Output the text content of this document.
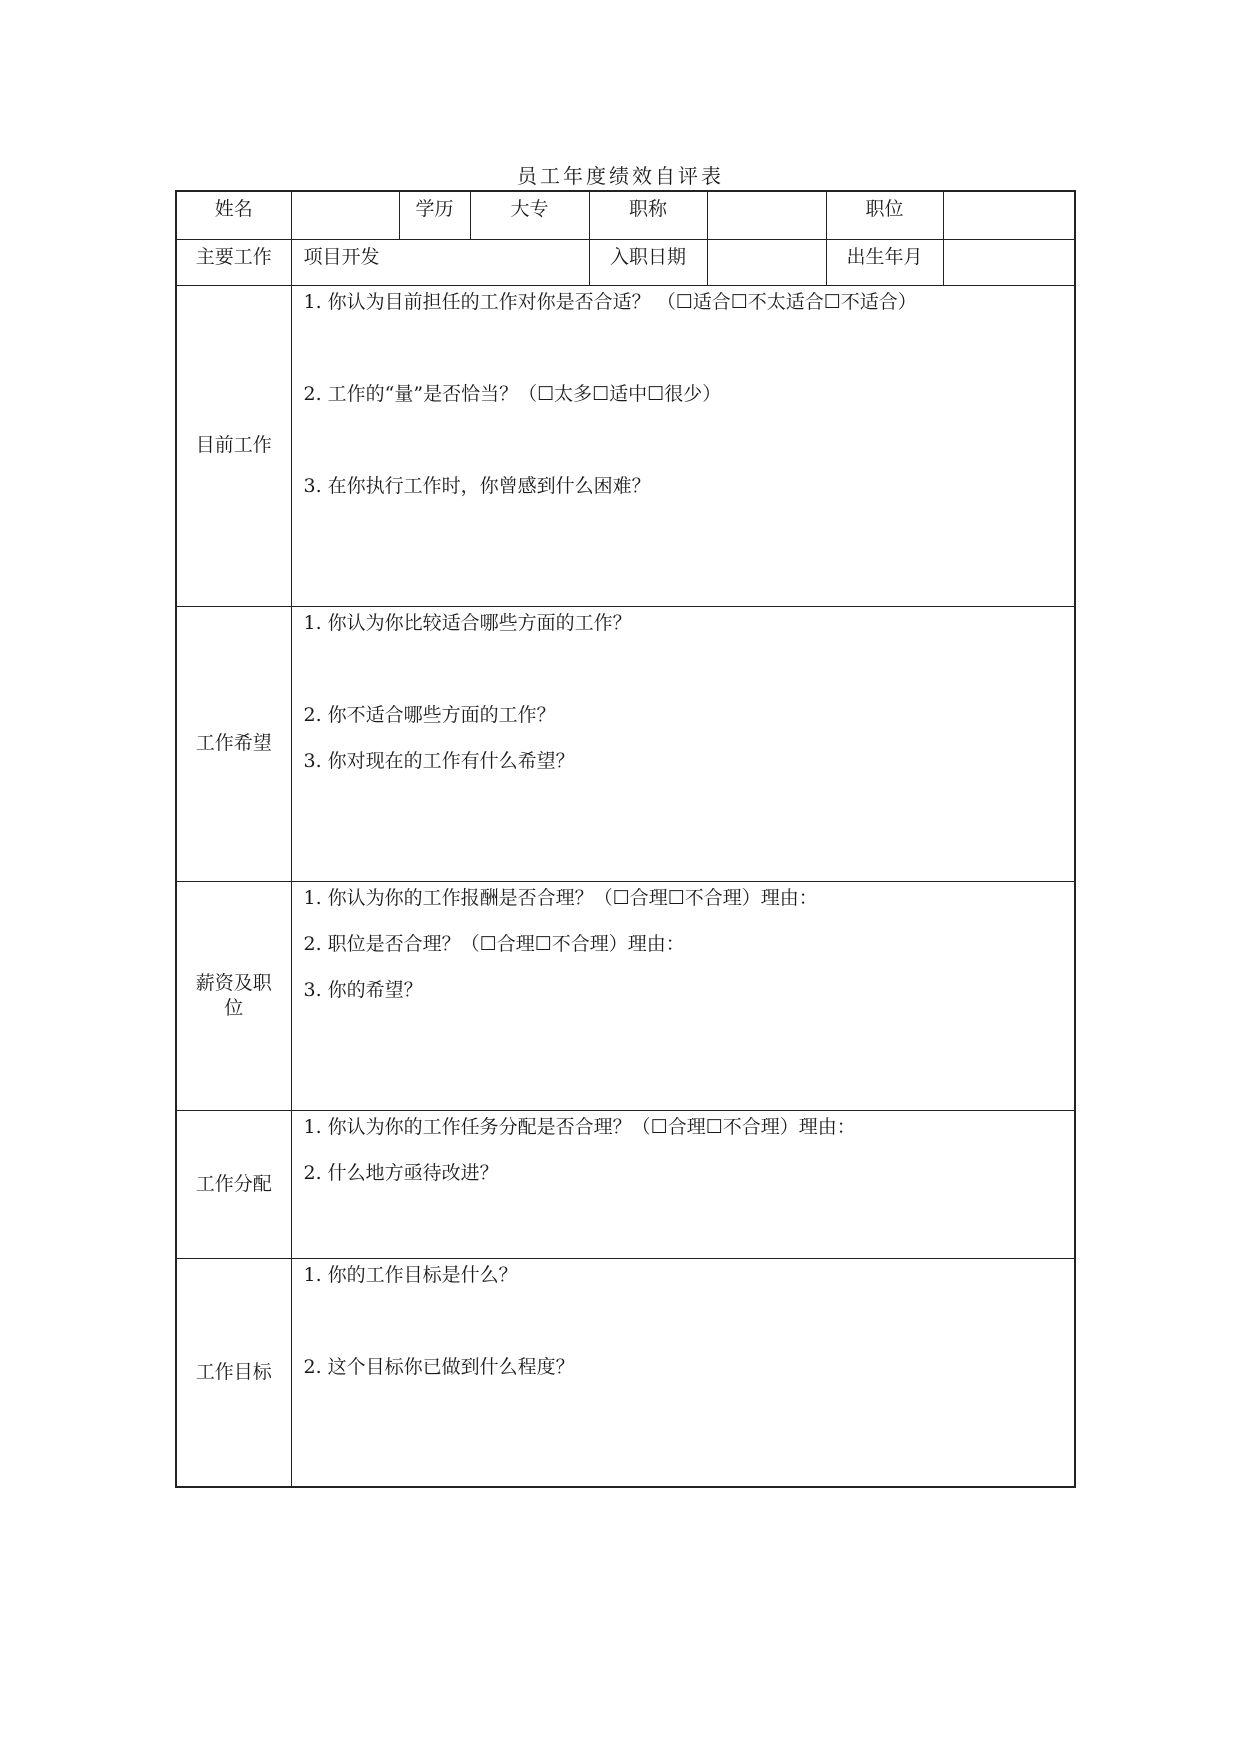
员工年度绩效自评表
姓名		学历	大专	职称		职位	
主要工作	项目开发			入职日期		出生年月	
目前工作	1. 你认为目前担任的工作对你是否合适？ （☐适合☐不太适合☐不适合）
2. 工作的“量”是否恰当？（☐太多☐适中☐很少）
3. 在你执行工作时，你曾感到什么困难？						

工作希望	1. 你认为你比较适合哪些方面的工作？
2. 你不适合哪些方面的工作？
3. 你对现在的工作有什么希望？						

薪资及职位	1. 你认为你的工作报酬是否合理？（☐合理☐不合理）理由：
2. 职位是否合理？（☐合理☐不合理）理由：
3. 你的希望？						

工作分配	1. 你认为你的工作任务分配是否合理？（☐合理☐不合理）理由：
2. 什么地方亟待改进？						

工作目标	1. 你的工作目标是什么？
2. 这个目标你已做到什么程度？						
